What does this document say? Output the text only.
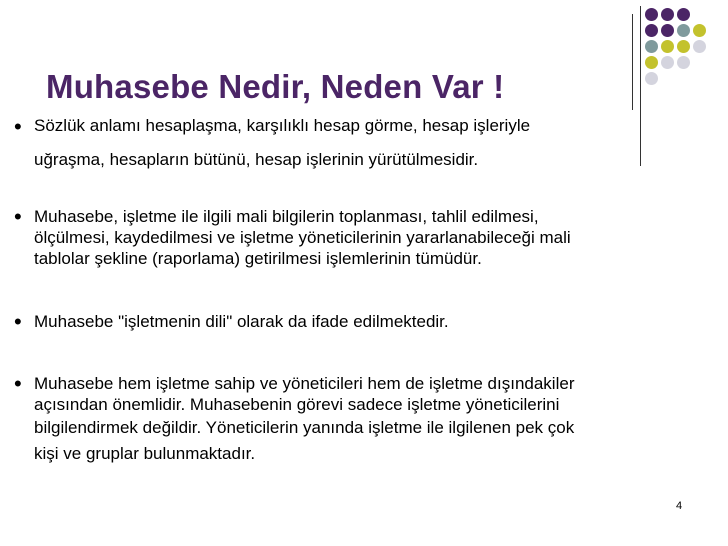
Muhasebe Nedir, Neden Var !
• Sözlük anlamı hesaplaşma, karşılıklı hesap görme, hesap işleriyle
uğraşma, hesapların bütünü, hesap işlerinin yürütülmesidir.
• Muhasebe, işletme ile ilgili mali bilgilerin toplanması, tahlil edilmesi,
ölçülmesi, kaydedilmesi ve işletme yöneticilerinin yararlanabileceği mali
tablolar şekline (raporlama) getirilmesi işlemlerinin tümüdür.
• Muhasebe "işletmenin dili" olarak da ifade edilmektedir.
• Muhasebe hem işletme sahip ve yöneticileri hem de işletme dışındakiler
açısından önemlidir. Muhasebenin görevi sadece işletme yöneticilerini
bilgilendirmek değildir. Yöneticilerin yanında işletme ile ilgilenen pek çok
kişi ve gruplar bulunmaktadır.
4
